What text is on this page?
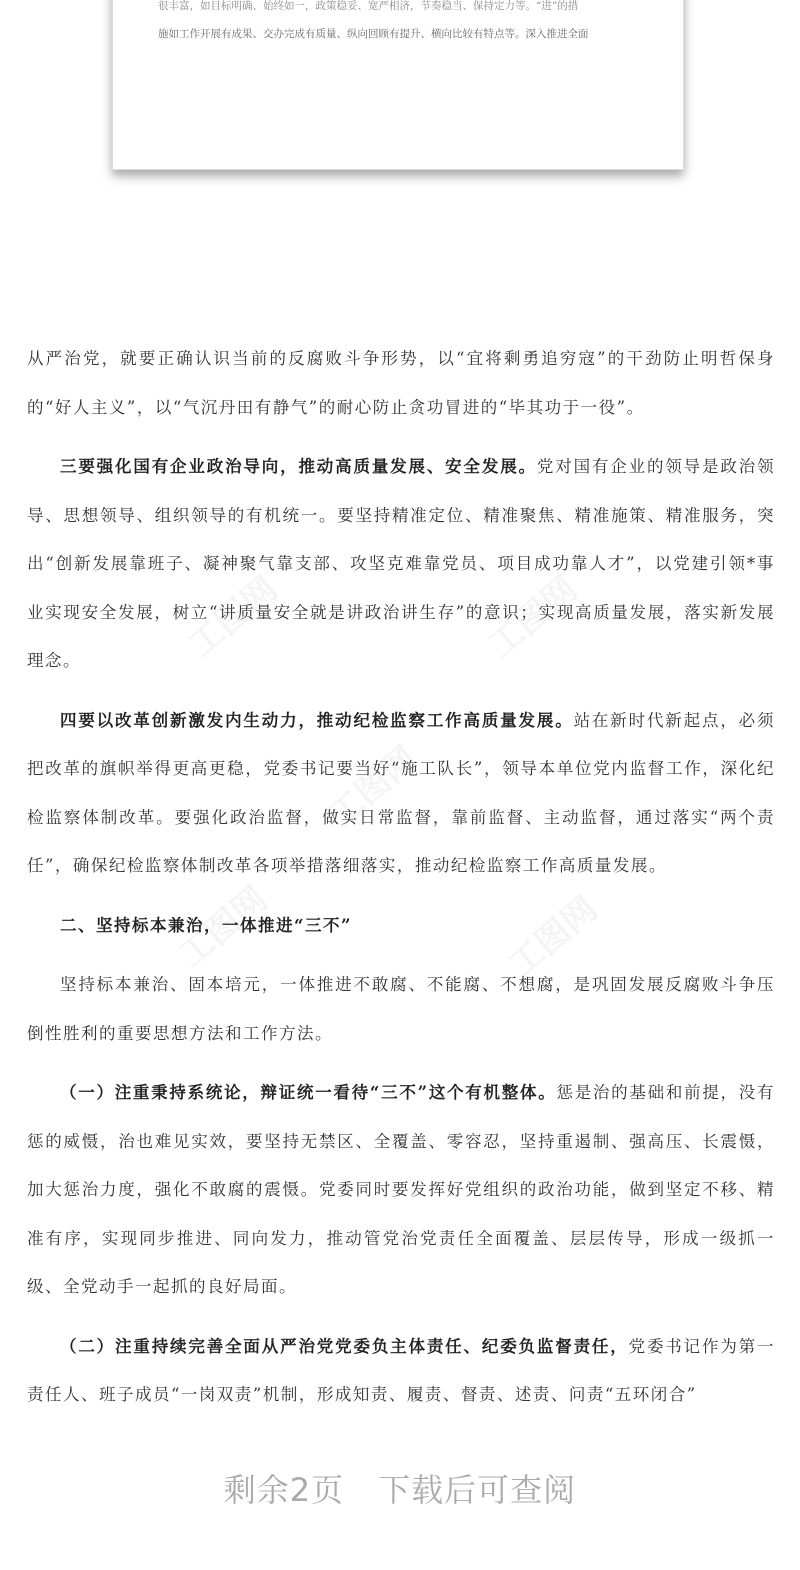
很丰富，如目标明确、始终如一，政策稳妥、宽严相济，节奏稳当、保持定力等。“进”的措
施如工作开展有成果、交办完成有质量、纵向回顾有提升、横向比较有特点等。深入推进全面

从严治党，就要正确认识当前的反腐败斗争形势，以“宜将剩勇追穷寇”的干劲防止明哲保身的“好人主义”，以“气沉丹田有静气”的耐心防止贪功冒进的“毕其功于一役”。

三要强化国有企业政治导向，推动高质量发展、安全发展。党对国有企业的领导是政治领导、思想领导、组织领导的有机统一。要坚持精准定位、精准聚焦、精准施策、精准服务，突出“创新发展靠班子、凝神聚气靠支部、攻坚克难靠党员、项目成功靠人才”，以党建引领*事业实现安全发展，树立“讲质量安全就是讲政治讲生存”的意识；实现高质量发展，落实新发展理念。

四要以改革创新激发内生动力，推动纪检监察工作高质量发展。站在新时代新起点，必须把改革的旗帜举得更高更稳，党委书记要当好“施工队长”，领导本单位党内监督工作，深化纪检监察体制改革。要强化政治监督，做实日常监督，靠前监督、主动监督，通过落实“两个责任”，确保纪检监察体制改革各项举措落细落实，推动纪检监察工作高质量发展。

二、坚持标本兼治，一体推进“三不”

坚持标本兼治、固本培元，一体推进不敢腐、不能腐、不想腐，是巩固发展反腐败斗争压倒性胜利的重要思想方法和工作方法。

（一）注重秉持系统论，辩证统一看待“三不”这个有机整体。惩是治的基础和前提，没有惩的威慑，治也难见实效，要坚持无禁区、全覆盖、零容忍，坚持重遏制、强高压、长震慑，加大惩治力度，强化不敢腐的震慑。党委同时要发挥好党组织的政治功能，做到坚定不移、精准有序，实现同步推进、同向发力，推动管党治党责任全面覆盖、层层传导，形成一级抓一级、全党动手一起抓的良好局面。

（二）注重持续完善全面从严治党党委负主体责任、纪委负监督责任，党委书记作为第一责任人、班子成员“一岗双责”机制，形成知责、履责、督责、述责、问责“五环闭合”

剩余2页 下载后可查阅
